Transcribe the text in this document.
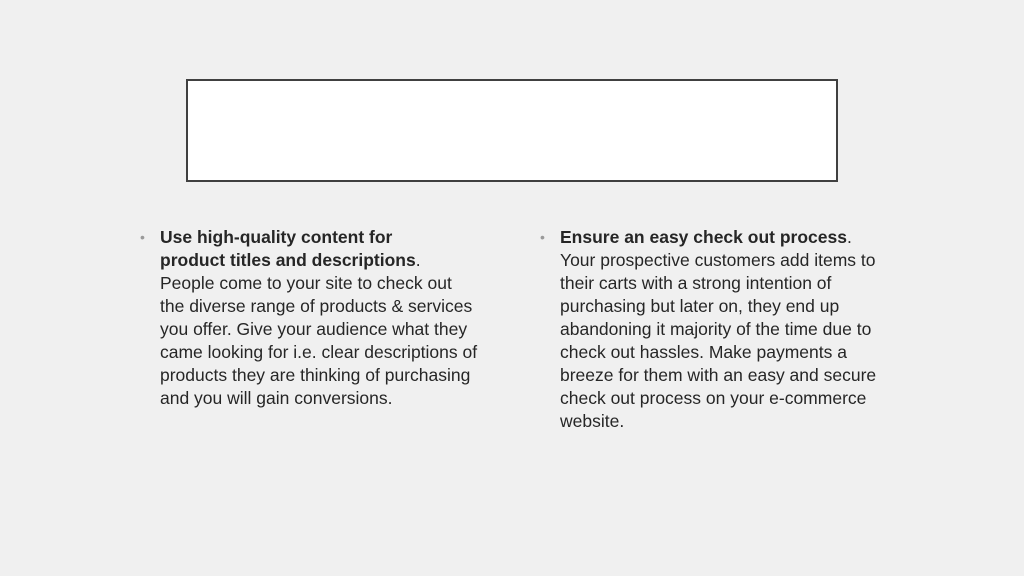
• Use high-quality content for
product titles and descriptions.
People come to your site to check out
the diverse range of products & services
you offer. Give your audience what they
came looking for i.e. clear descriptions of
products they are thinking of purchasing
and you will gain conversions.
• Ensure an easy check out process.
Your prospective customers add items to
their carts with a strong intention of
purchasing but later on, they end up
abandoning it majority of the time due to
check out hassles. Make payments a
breeze for them with an easy and secure
check out process on your e-commerce
website.
